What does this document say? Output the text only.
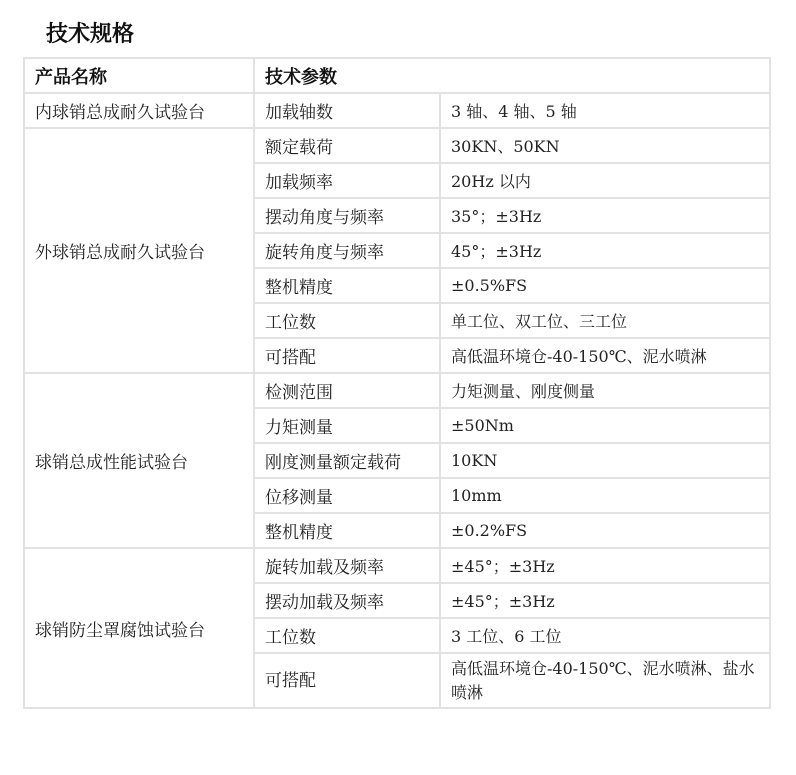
技术规格
产品名称	技术参数	
内球销总成耐久试验台	加载轴数	3 轴、4 轴、5 轴
外球销总成耐久试验台	额定载荷	30KN、50KN
	加载频率	20Hz 以内
	摆动角度与频率	35°；±3Hz
	旋转角度与频率	45°；±3Hz
	整机精度	±0.5%FS
	工位数	单工位、双工位、三工位
	可搭配	高低温环境仓-40-150℃、泥水喷淋
球销总成性能试验台	检测范围	力矩测量、刚度侧量
	力矩测量	±50Nm
	刚度测量额定载荷	10KN
	位移测量	10mm
	整机精度	±0.2%FS
球销防尘罩腐蚀试验台	旋转加载及频率	±45°；±3Hz
	摆动加载及频率	±45°；±3Hz
	工位数	3 工位、6 工位
	可搭配	高低温环境仓-40-150℃、泥水喷淋、盐水喷淋
